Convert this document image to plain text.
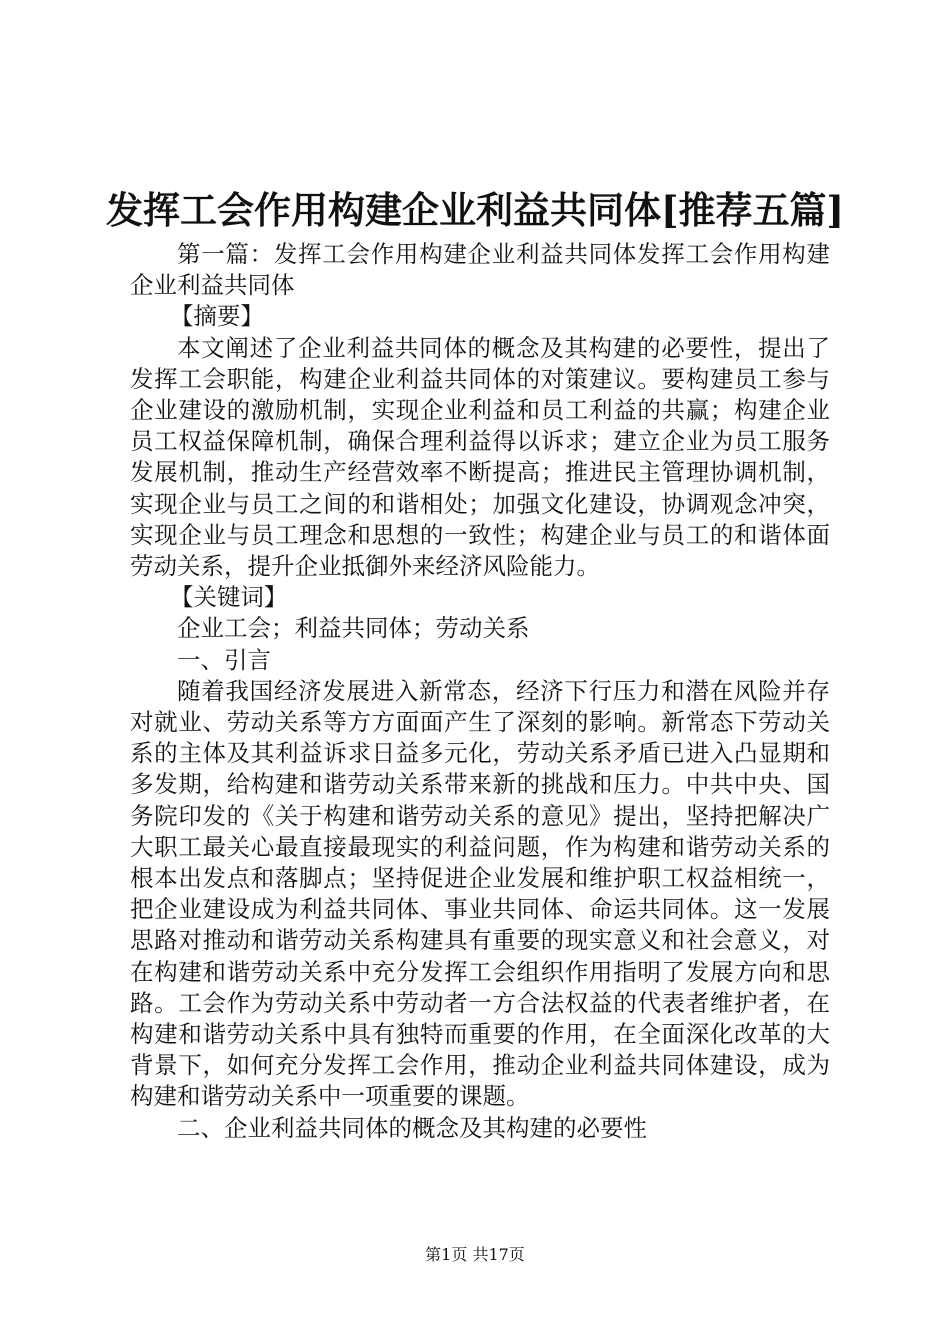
发挥工会作用构建企业利益共同体[推荐五篇]

第一篇：发挥工会作用构建企业利益共同体发挥工会作用构建企业利益共同体

【摘要】

本文阐述了企业利益共同体的概念及其构建的必要性，提出了发挥工会职能，构建企业利益共同体的对策建议。要构建员工参与企业建设的激励机制，实现企业利益和员工利益的共赢；构建企业员工权益保障机制，确保合理利益得以诉求；建立企业为员工服务发展机制，推动生产经营效率不断提高；推进民主管理协调机制，实现企业与员工之间的和谐相处；加强文化建设，协调观念冲突，实现企业与员工理念和思想的一致性；构建企业与员工的和谐体面劳动关系，提升企业抵御外来经济风险能力。

【关键词】

企业工会；利益共同体；劳动关系

一、引言

随着我国经济发展进入新常态，经济下行压力和潜在风险并存对就业、劳动关系等方方面面产生了深刻的影响。新常态下劳动关系的主体及其利益诉求日益多元化，劳动关系矛盾已进入凸显期和多发期，给构建和谐劳动关系带来新的挑战和压力。中共中央、国务院印发的《关于构建和谐劳动关系的意见》提出，坚持把解决广大职工最关心最直接最现实的利益问题，作为构建和谐劳动关系的根本出发点和落脚点；坚持促进企业发展和维护职工权益相统一，把企业建设成为利益共同体、事业共同体、命运共同体。这一发展思路对推动和谐劳动关系构建具有重要的现实意义和社会意义，对在构建和谐劳动关系中充分发挥工会组织作用指明了发展方向和思路。工会作为劳动关系中劳动者一方合法权益的代表者维护者，在构建和谐劳动关系中具有独特而重要的作用，在全面深化改革的大背景下，如何充分发挥工会作用，推动企业利益共同体建设，成为构建和谐劳动关系中一项重要的课题。

二、企业利益共同体的概念及其构建的必要性

第1页 共17页
